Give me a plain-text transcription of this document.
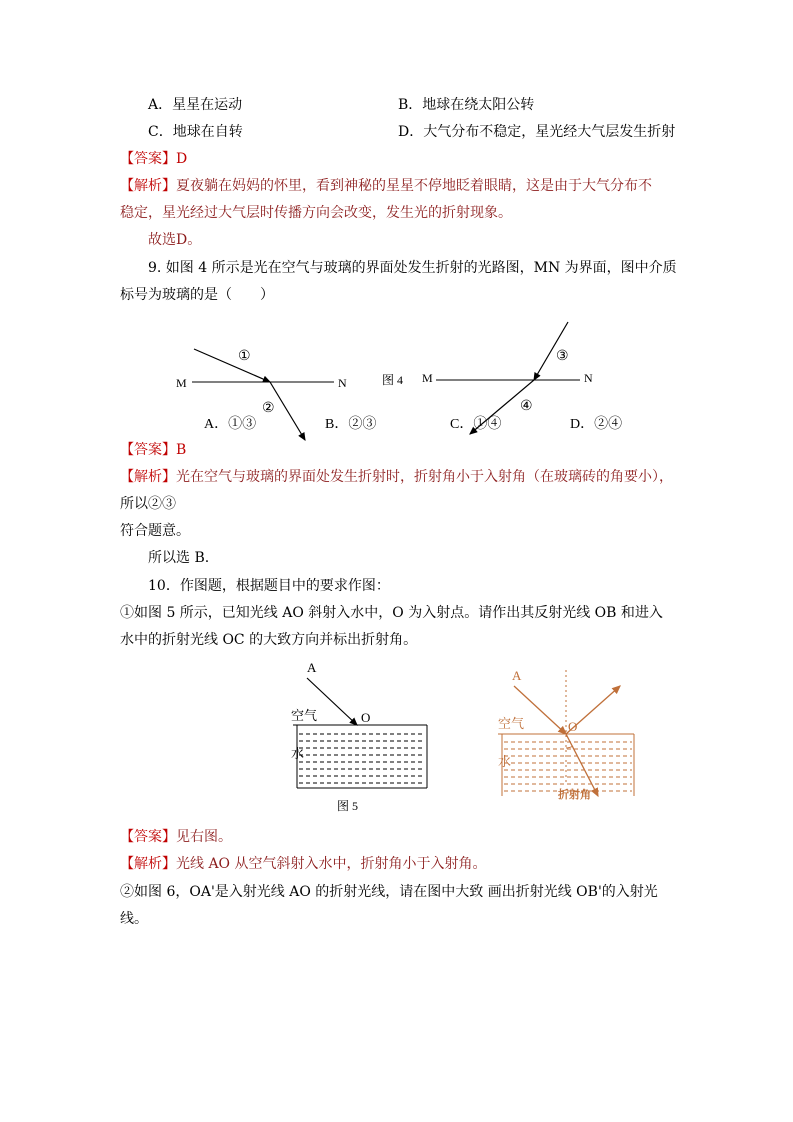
A．星星在运动	B．地球在绕太阳公转
C．地球在自转	D．大气分布不稳定，星光经大气层发生折射
【答案】D
【解析】夏夜躺在妈妈的怀里，看到神秘的星星不停地眨着眼睛，这是由于大气分布不
稳定，星光经过大气层时传播方向会改变，发生光的折射现象。
故选D。
9. 如图 4 所示是光在空气与玻璃的界面处发生折射的光路图，MN 为界面，图中介质
标号为玻璃的是（　　）
M	N
①
②
A．①③	B．②③
图 4 M	N
③
④
C．①④	D．②④
【答案】B
【解析】光在空气与玻璃的界面处发生折射时，折射角小于入射角（在玻璃砖的角要小），
所以②③
符合题意。
所以选 B.
10．作图题，根据题目中的要求作图：
①如图 5 所示，已知光线 AO 斜射入水中，O 为入射点。请作出其反射光线 OB 和进入
水中的折射光线 OC 的大致方向并标出折射角。
A
O
空气
水
图 5
A
O
空气
水
折射角
【答案】见右图。
【解析】光线 AO 从空气斜射入水中，折射角小于入射角。
②如图 6，OA'是入射光线 AO 的折射光线，请在图中大致 画出折射光线 OB'的入射光
线。
